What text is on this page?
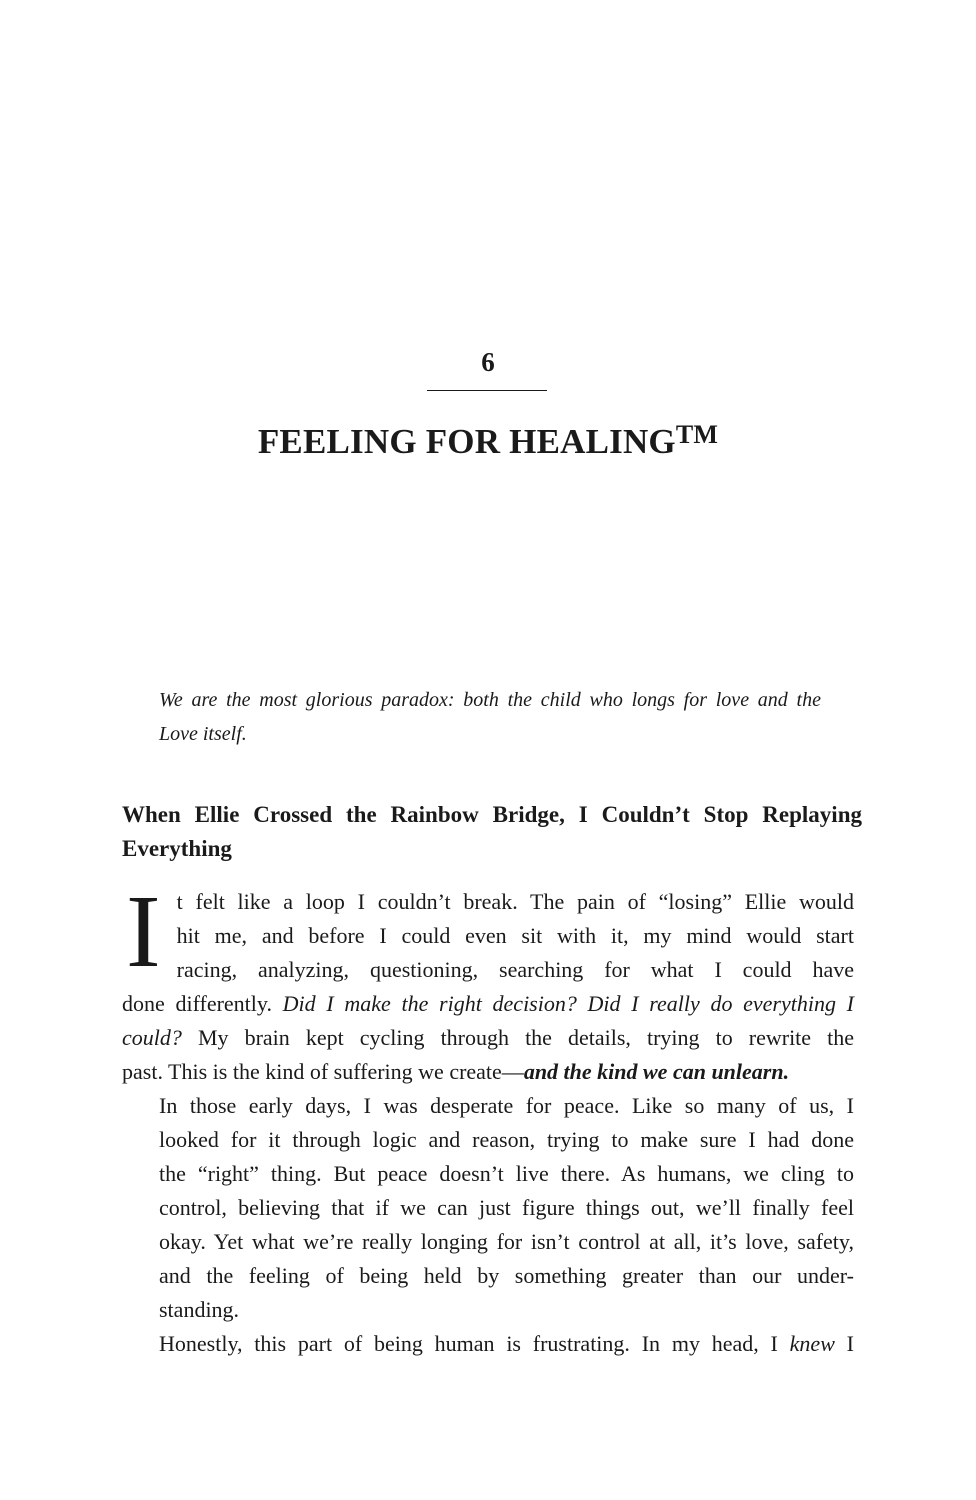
6
FEELING FOR HEALING™
We are the most glorious paradox: both the child who longs for love and the
Love itself.
When Ellie Crossed the Rainbow Bridge, I Couldn’t Stop Replaying
Everything

I t felt like a loop I couldn’t break. The pain of “losing” Ellie would
hit me, and before I could even sit with it, my mind would start
racing, analyzing, questioning, searching for what I could have
done differently. Did I make the right decision? Did I really do everything I
could? My brain kept cycling through the details, trying to rewrite the
past. This is the kind of suffering we create—and the kind we can unlearn.

In those early days, I was desperate for peace. Like so many of us, I
looked for it through logic and reason, trying to make sure I had done
the “right” thing. But peace doesn’t live there. As humans, we cling to
control, believing that if we can just figure things out, we’ll finally feel
okay. Yet what we’re really longing for isn’t control at all, it’s love, safety,
and the feeling of being held by something greater than our under-
standing.

Honestly, this part of being human is frustrating. In my head, I knew I
